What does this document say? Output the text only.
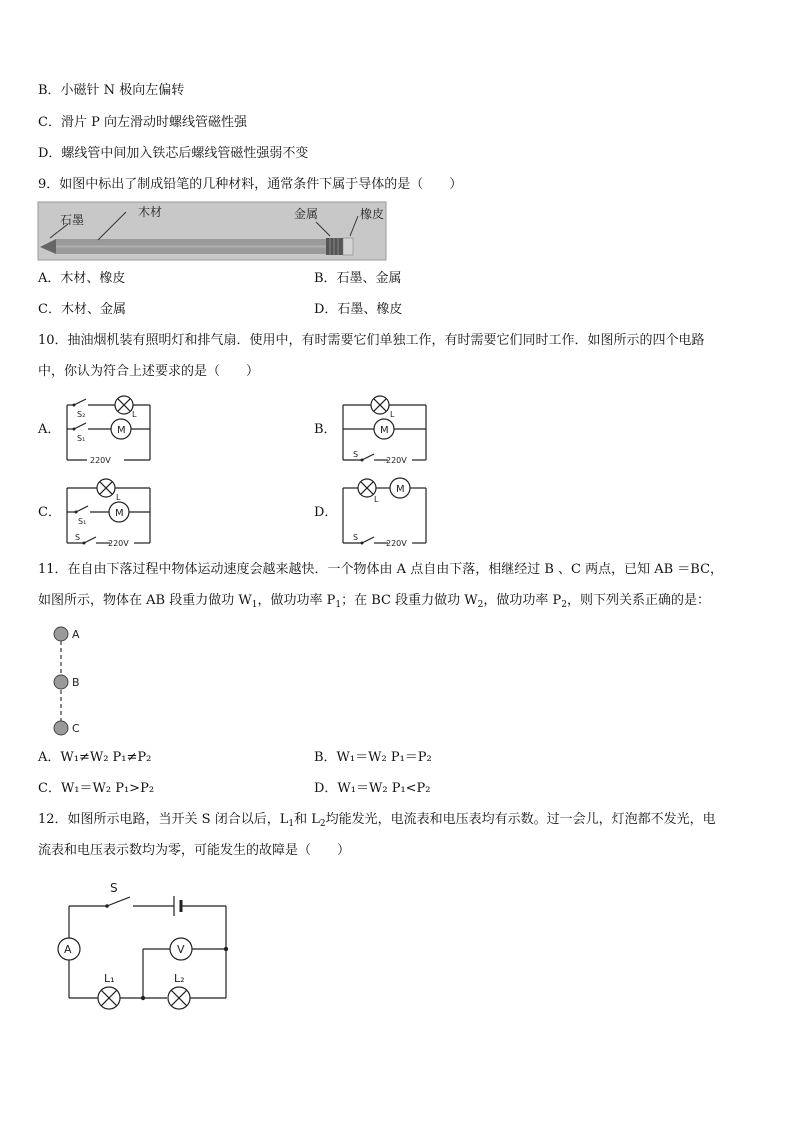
B．小磁针 N 极向左偏转
C．滑片 P 向左滑动时螺线管磁性强
D．螺线管中间加入铁芯后螺线管磁性强弱不变
9．如图中标出了制成铅笔的几种材料，通常条件下属于导体的是（　　）
石墨
木材	金属	橡皮
A．木材、橡皮	B．石墨、金属
C．木材、金属	D．石墨、橡皮
10．抽油烟机装有照明灯和排气扇．使用中，有时需要它们单独工作，有时需要它们同时工作．如图所示的四个电路
中，你认为符合上述要求的是（　　）
A．	B．
C．	D．
S₂	L
S₁
M
220V
L
M
S
220V
L
S₁
M
S
220V
L
M
S
220V
11．在自由下落过程中物体运动速度会越来越快．一个物体由 A 点自由下落，相继经过 B 、C 两点，已知 AB ＝BC，
如图所示，物体在 AB 段重力做功 $W_1$，做功功率 $P_1$；在 BC 段重力做功 $W_2$，做功功率 $P_2$，则下列关系正确的是：
A
B
C
A．W₁≠W₂ P₁≠P₂	B．W₁＝W₂ P₁＝P₂
C．W₁＝W₂ P₁>P₂	D．W₁＝W₂ P₁<P₂
12．如图所示电路，当开关 S 闭合以后，$L_1$和 $L_2$均能发光，电流表和电压表均有示数。过一会儿，灯泡都不发光，电
流表和电压表示数均为零，可能发生的故障是（　　）
S
A	V
L₁	L₂
